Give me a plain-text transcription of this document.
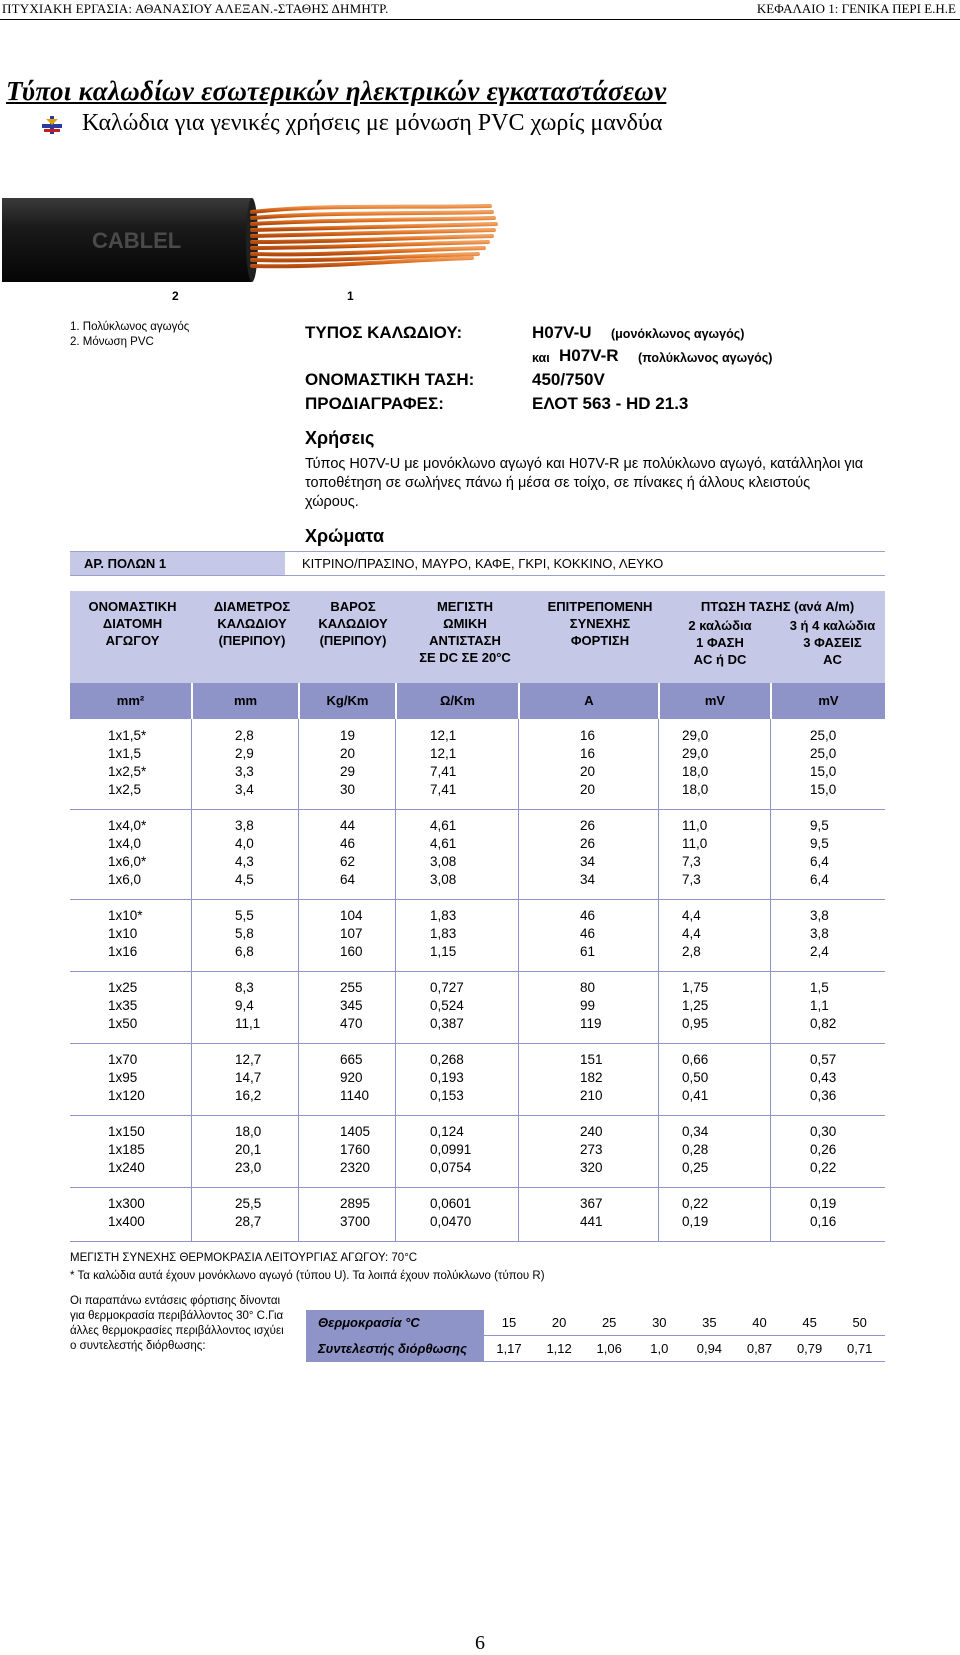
ΠΤΥΧΙΑΚΗ ΕΡΓΑΣΙΑ: ΑΘΑΝΑΣΙΟΥ ΑΛΕΞΑΝ.-ΣΤΑΘΗΣ ΔΗΜΗΤΡ.	ΚΕΦΑΛΑΙΟ 1: ΓΕΝΙΚΑ ΠΕΡΙ Ε.Η.Ε
Τύποι καλωδίων εσωτερικών ηλεκτρικών εγκαταστάσεων
Καλώδια για γενικές χρήσεις με μόνωση PVC χωρίς μανδύα
CABLEL
2	1
1. Πολύκλωνος αγωγός
2. Μόνωση PVC	ΤΥΠΟΣ ΚΑΛΩΔΙΟΥ:	H07V-U (μονόκλωνος αγωγός)
και H07V-R (πολύκλωνος αγωγός)
ΟΝΟΜΑΣΤΙΚΗ ΤΑΣΗ:	450/750V
ΠΡΟΔΙΑΓΡΑΦΕΣ:	ΕΛΟΤ 563 - HD 21.3
Χρήσεις
Τύπος H07V-U με μονόκλωνο αγωγό και H07V-R με πολύκλωνο αγωγό, κατάλληλοι για τοποθέτηση σε σωλήνες πάνω ή μέσα σε τοίχο, σε πίνακες ή άλλους κλειστούς χώρους.
Χρώματα
ΑΡ. ΠΟΛΩΝ 1	ΚΙΤΡΙΝΟ/ΠΡΑΣΙΝΟ, ΜΑΥΡΟ, ΚΑΦΕ, ΓΚΡΙ, ΚΟΚΚΙΝΟ, ΛΕΥΚΟ
ΟΝΟΜΑΣΤΙΚΗ
ΔΙΑΤΟΜΗ
ΑΓΩΓΟΥ
ΔΙΑΜΕΤΡΟΣ
ΚΑΛΩΔΙΟΥ
(ΠΕΡΙΠΟΥ)
ΒΑΡΟΣ
ΚΑΛΩΔΙΟΥ
(ΠΕΡΙΠΟΥ)
ΜΕΓΙΣΤΗ
ΩΜΙΚΗ
ΑΝΤΙΣΤΑΣΗ
ΣΕ DC ΣΕ 20°C
ΕΠΙΤΡΕΠΟΜΕΝΗ
ΣΥΝΕΧΗΣ
ΦΟΡΤΙΣΗ
ΠΤΩΣΗ ΤΑΣΗΣ (ανά A/m)
2 καλώδια
1 ΦΑΣΗ
AC ή DC
3 ή 4 καλώδια
3 ΦΑΣΕΙΣ
AC
mm²	mm	Kg/Km	Ω/Km	A	mV	mV
1x1,5*	2,8	19	12,1	16	29,0	25,0
1x1,5	2,9	20	12,1	16	29,0	25,0
1x2,5*	3,3	29	7,41	20	18,0	15,0
1x2,5	3,4	30	7,41	20	18,0	15,0
1x4,0*	3,8	44	4,61	26	11,0	9,5
1x4,0	4,0	46	4,61	26	11,0	9,5
1x6,0*	4,3	62	3,08	34	7,3	6,4
1x6,0	4,5	64	3,08	34	7,3	6,4
1x10*	5,5	104	1,83	46	4,4	3,8
1x10	5,8	107	1,83	46	4,4	3,8
1x16	6,8	160	1,15	61	2,8	2,4
1x25	8,3	255	0,727	80	1,75	1,5
1x35	9,4	345	0,524	99	1,25	1,1
1x50	11,1	470	0,387	119	0,95	0,82
1x70	12,7	665	0,268	151	0,66	0,57
1x95	14,7	920	0,193	182	0,50	0,43
1x120	16,2	1140	0,153	210	0,41	0,36
1x150	18,0	1405	0,124	240	0,34	0,30
1x185	20,1	1760	0,0991	273	0,28	0,26
1x240	23,0	2320	0,0754	320	0,25	0,22
1x300	25,5	2895	0,0601	367	0,22	0,19
1x400	28,7	3700	0,0470	441	0,19	0,16
ΜΕΓΙΣΤΗ ΣΥΝΕΧΗΣ ΘΕΡΜΟΚΡΑΣΙΑ ΛΕΙΤΟΥΡΓΙΑΣ ΑΓΩΓΟΥ: 70°C
* Τα καλώδια αυτά έχουν μονόκλωνο αγωγό (τύπου U). Τα λοιπά έχουν πολύκλωνο (τύπου R)
Οι παραπάνω εντάσεις φόρτισης δίνονται για θερμοκρασία περιβάλλοντος 30° C.Για άλλες θερμοκρασίες περιβάλλοντος ισχύει ο συντελεστής διόρθωσης:
Θερμοκρασία °C
Συντελεστής διόρθωσης
15	20	25	30	35	40	45	50
1,17	1,12	1,06	1,0	0,94	0,87	0,79	0,71
6
